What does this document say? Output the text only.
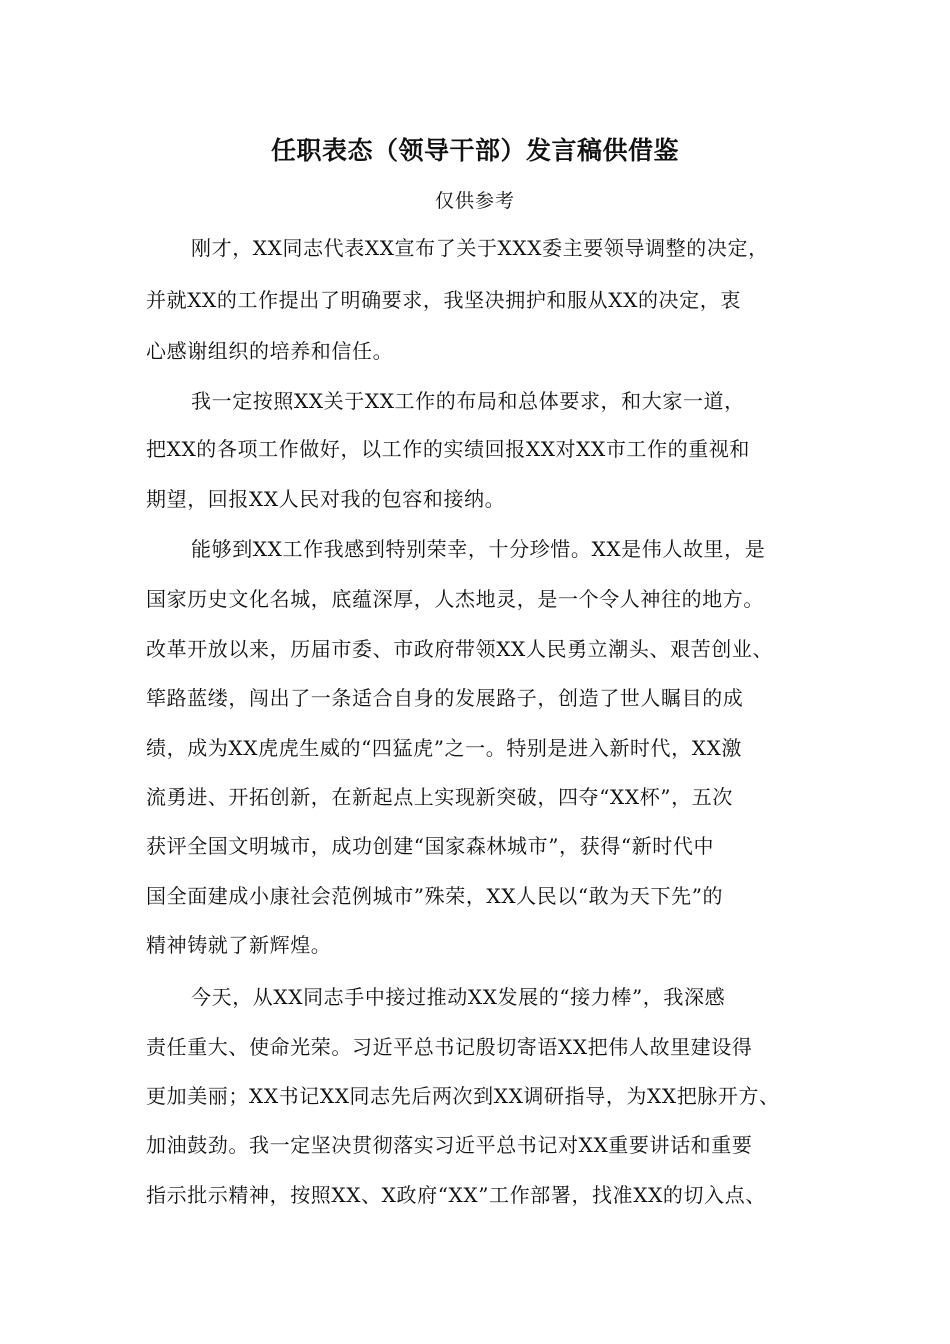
任职表态（领导干部）发言稿供借鉴
仅供参考
刚才，XX同志代表XX宣布了关于XXX委主要领导调整的决定，
并就XX的工作提出了明确要求，我坚决拥护和服从XX的决定，衷
心感谢组织的培养和信任。
我一定按照XX关于XX工作的布局和总体要求，和大家一道，
把XX的各项工作做好，以工作的实绩回报XX对XX市工作的重视和
期望，回报XX人民对我的包容和接纳。
能够到XX工作我感到特别荣幸，十分珍惜。XX是伟人故里，是
国家历史文化名城，底蕴深厚，人杰地灵，是一个令人神往的地方。
改革开放以来，历届市委、市政府带领XX人民勇立潮头、艰苦创业、
筚路蓝缕，闯出了一条适合自身的发展路子，创造了世人瞩目的成
绩，成为XX虎虎生威的“四猛虎”之一。特别是进入新时代，XX激
流勇进、开拓创新，在新起点上实现新突破，四夺“XX杯”，五次
获评全国文明城市，成功创建“国家森林城市”，获得“新时代中
国全面建成小康社会范例城市”殊荣，XX人民以“敢为天下先”的
精神铸就了新辉煌。
今天，从XX同志手中接过推动XX发展的“接力棒”，我深感
责任重大、使命光荣。习近平总书记殷切寄语XX把伟人故里建设得
更加美丽；XX书记XX同志先后两次到XX调研指导，为XX把脉开方、
加油鼓劲。我一定坚决贯彻落实习近平总书记对XX重要讲话和重要
指示批示精神，按照XX、X政府“XX”工作部署，找准XX的切入点、
